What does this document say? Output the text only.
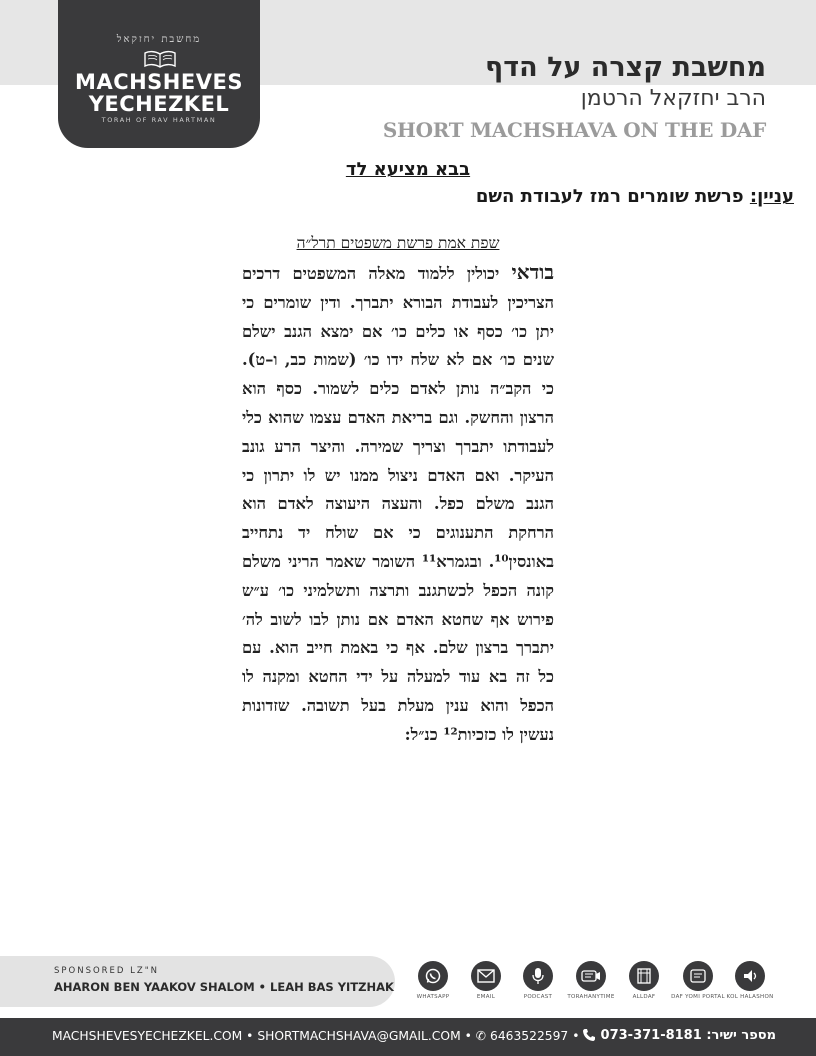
מחשבת יחזקאל
MACHSHEVES
YECHEZKEL
TORAH OF RAV HARTMAN
מחשבת קצרה על הדף
הרב יחזקאל הרטמן
SHORT MACHSHAVA ON THE DAF
בבא מציעא לד
עניין: פרשת שומרים רמז לעבודת השם
שפת אמת פרשת משפטים תרל״ה
בודאי יכולין ללמוד מאלה המשפטים דרכים הצריכין לעבודת הבורא יתברך. ודין שומרים כי יתן כו׳ כסף או כלים כו׳ אם ימצא הגנב ישלם שנים כו׳ אם לא שלח ידו כו׳ (שמות כב, ו–ט). כי הקב״ה נותן לאדם כלים לשמור. כסף הוא הרצון והחשק. וגם בריאת האדם עצמו שהוא כלי לעבודתו יתברך וצריך שמירה. והיצר הרע גונב העיקר. ואם האדם ניצול ממנו יש לו יתרון כי הגנב משלם כפל. והעצה היעוצה לאדם הוא הרחקת התענוגים כי אם שולח יד נתחייב באונסין¹⁰. ובגמרא¹¹ השומר שאמר הריני משלם קונה הכפל לכשתגנב ותרצה ותשלמיני כו׳ ע״ש פירוש אף שחטא האדם אם נותן לבו לשוב לה׳ יתברך ברצון שלם. אף כי באמת חייב הוא. עם כל זה בא עוד למעלה על ידי החטא ומקנה לו הכפל והוא ענין מעלת בעל תשובה. שזדונות נעשין לו כזכיות¹² כנ״ל:
SPONSORED LZ"N
AHARON BEN YAAKOV SHALOM • LEAH BAS YITZHAK
WHATSAPP	EMAIL	PODCAST	TORAHANYTIME	ALLDAF	DAF YOMI PORTAL KOL HALASHON
MACHSHEVESYECHEZKEL.COM • SHORTMACHSHAVA@GMAIL.COM • ✆ 6463522597 •	מספר ישיר: 073-371-8181
